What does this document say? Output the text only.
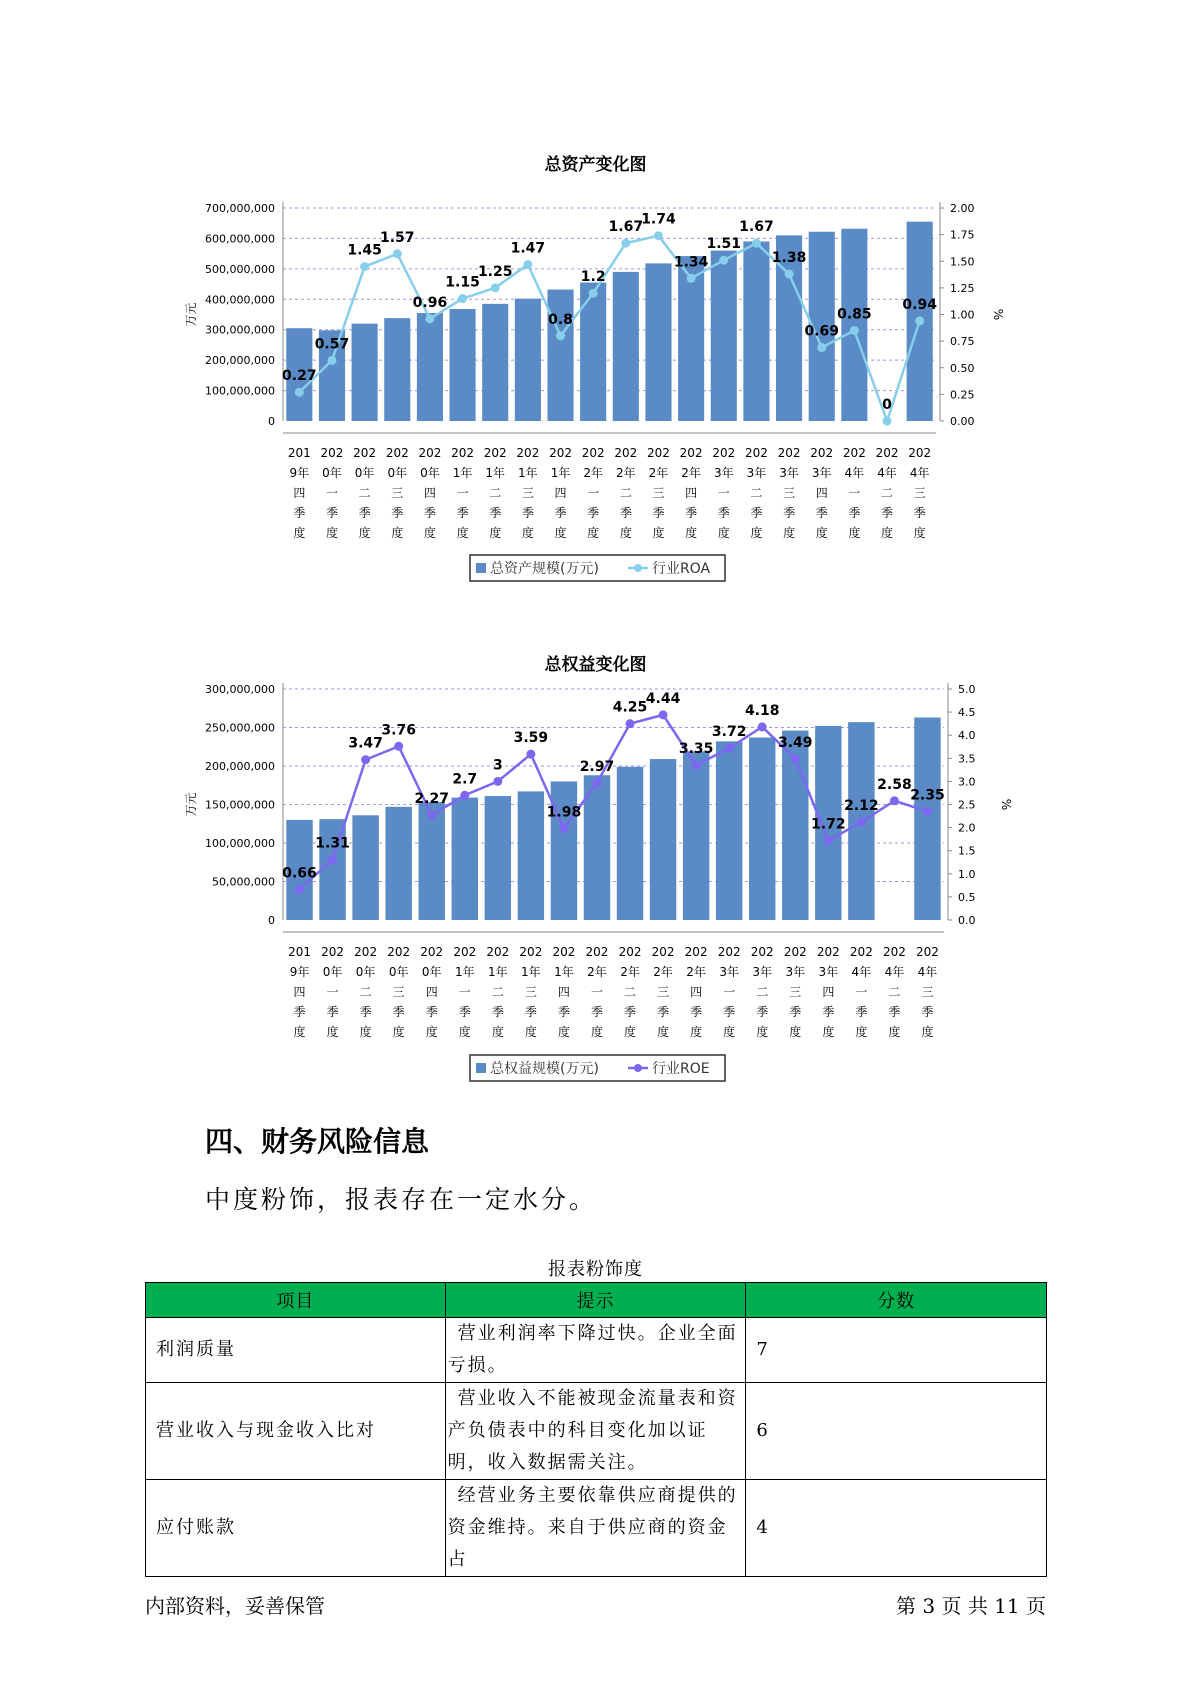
总资产变化图
0
100,000,000
200,000,000
300,000,000
400,000,000
500,000,000
600,000,000
700,000,000
0.00
0.25
0.50
0.75
1.00
1.25
1.50
1.75
2.00
万元	%
201
9年
四
季
度
202
0年
一
季
度
202
0年
二
季
度
202
0年
三
季
度
202
0年
四
季
度
202
1年
一
季
度
202
1年
二
季
度
202
1年
三
季
度
202
1年
四
季
度
202
2年
一
季
度
202
2年
二
季
度
202
2年
三
季
度
202
2年
四
季
度
202
3年
一
季
度
202
3年
二
季
度
202
3年
三
季
度
202
3年
四
季
度
202
4年
一
季
度
202
4年
二
季
度
202
4年
三
季
度
0.27
0.57
1.45
1.57
0.96
1.15
1.25
1.47
0.8
1.2
1.67
1.74
1.34
1.51
1.67
1.38
0.69
0.85
0
0.94
总资产规模(万元)	行业ROA
总权益变化图
0
50,000,000
100,000,000
150,000,000
200,000,000
250,000,000
300,000,000
0.0
0.5
1.0
1.5
2.0
2.5
3.0
3.5
4.0
4.5
5.0
万元	%
201
9年
四
季
度
202
0年
一
季
度
202
0年
二
季
度
202
0年
三
季
度
202
0年
四
季
度
202
1年
一
季
度
202
1年
二
季
度
202
1年
三
季
度
202
1年
四
季
度
202
2年
一
季
度
202
2年
二
季
度
202
2年
三
季
度
202
2年
四
季
度
202
3年
一
季
度
202
3年
二
季
度
202
3年
三
季
度
202
3年
四
季
度
202
4年
一
季
度
202
4年
二
季
度
202
4年
三
季
度
0.66
1.31
3.47
3.76
2.27
2.7
3
3.59
1.98
2.97
4.25
4.44
3.35
3.72
4.18
3.49
1.72
2.12
2.58
2.35
总权益规模(万元)	行业ROE
四、财务风险信息
中度粉饰，报表存在一定水分。
报表粉饰度
项目	提示	分数
利润质量	营业利润率下降过快。企业全面亏损。	7
营业收入与现金收入比对	营业收入不能被现金流量表和资产负债表中的科目变化加以证明，收入数据需关注。	6
应付账款	经营业务主要依靠供应商提供的资金维持。来自于供应商的资金占	4
内部资料，妥善保管	第 3 页 共 11 页
